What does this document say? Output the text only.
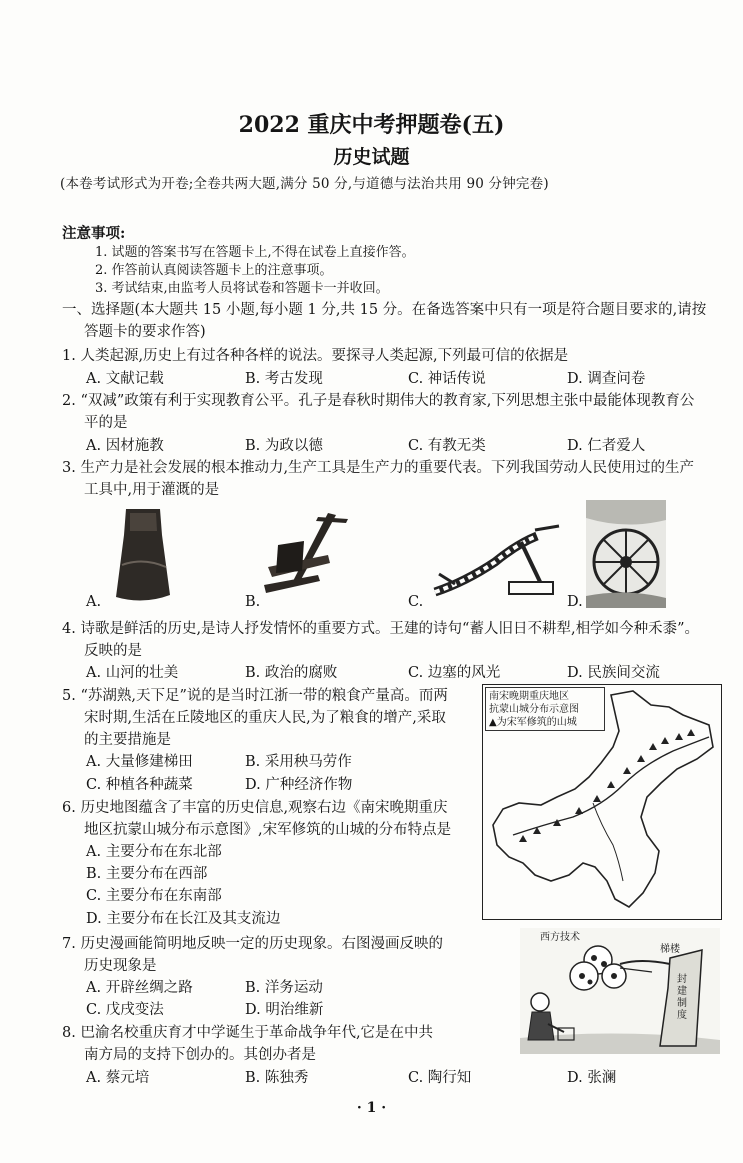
2022 重庆中考押题卷(五)
历史试题
(本卷考试形式为开卷;全卷共两大题,满分 50 分,与道德与法治共用 90 分钟完卷)
注意事项:
1. 试题的答案书写在答题卡上,不得在试卷上直接作答。
2. 作答前认真阅读答题卡上的注意事项。
3. 考试结束,由监考人员将试卷和答题卡一并收回。
一、选择题(本大题共 15 小题,每小题 1 分,共 15 分。在备选答案中只有一项是符合题目要求的,请按
答题卡的要求作答)
1. 人类起源,历史上有过各种各样的说法。要探寻人类起源,下列最可信的依据是
A. 文献记载	B. 考古发现	C. 神话传说	D. 调查问卷
2. “双减”政策有利于实现教育公平。孔子是春秋时期伟大的教育家,下列思想主张中最能体现教育公
平的是
A. 因材施教	B. 为政以德	C. 有教无类	D. 仁者爱人
3. 生产力是社会发展的根本推动力,生产工具是生产力的重要代表。下列我国劳动人民使用过的生产
工具中,用于灌溉的是
A.	B.	C.	D.
4. 诗歌是鲜活的历史,是诗人抒发情怀的重要方式。王建的诗句“蓄人旧日不耕犁,相学如今种禾黍”。
反映的是
A. 山河的壮美	B. 政治的腐败	C. 边塞的风光	D. 民族间交流
5. “苏湖熟,天下足”说的是当时江浙一带的粮食产量高。而两
宋时期,生活在丘陵地区的重庆人民,为了粮食的增产,采取
的主要措施是
A. 大量修建梯田	B. 采用秧马劳作
C. 种植各种蔬菜	D. 广种经济作物
6. 历史地图蕴含了丰富的历史信息,观察右边《南宋晚期重庆
地区抗蒙山城分布示意图》,宋军修筑的山城的分布特点是
A. 主要分布在东北部
B. 主要分布在西部
C. 主要分布在东南部
D. 主要分布在长江及其支流边
南宋晚期重庆地区
抗蒙山城分布示意图
▲为宋军修筑的山城
7. 历史漫画能简明地反映一定的历史现象。右图漫画反映的
历史现象是
A. 开辟丝绸之路	B. 洋务运动
C. 戊戌变法	D. 明治维新
西方技术
梯楼
封建制度
8. 巴渝名校重庆育才中学诞生于革命战争年代,它是在中共
南方局的支持下创办的。其创办者是
A. 蔡元培	B. 陈独秀	C. 陶行知	D. 张澜
· 1 ·
